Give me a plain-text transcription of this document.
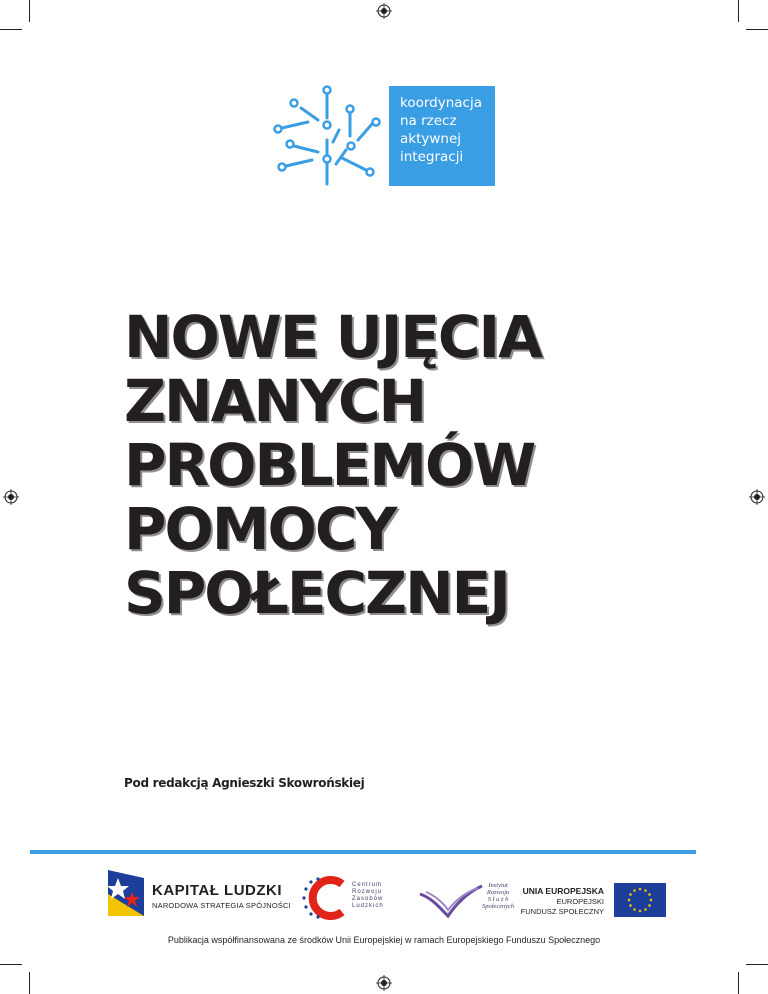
koordynacja
na rzecz
aktywnej
integracji
NOWE UJĘCIA
ZNANYCH
PROBLEMÓW
POMOCY
SPOŁECZNEJ
Pod redakcją Agnieszki Skowrońskiej
KAPITAŁ LUDZKI
NARODOWA STRATEGIA SPÓJNOŚCI
Centrum
Rozwoju
Zasobów
Ludzkich
Instytut
Rozwoju
S ł u ż b
Społecznych
UNIA EUROPEJSKA
EUROPEJSKI
FUNDUSZ SPOŁECZNY
Publikacja współfinansowana ze środków Unii Europejskiej w ramach Europejskiego Funduszu Społecznego
